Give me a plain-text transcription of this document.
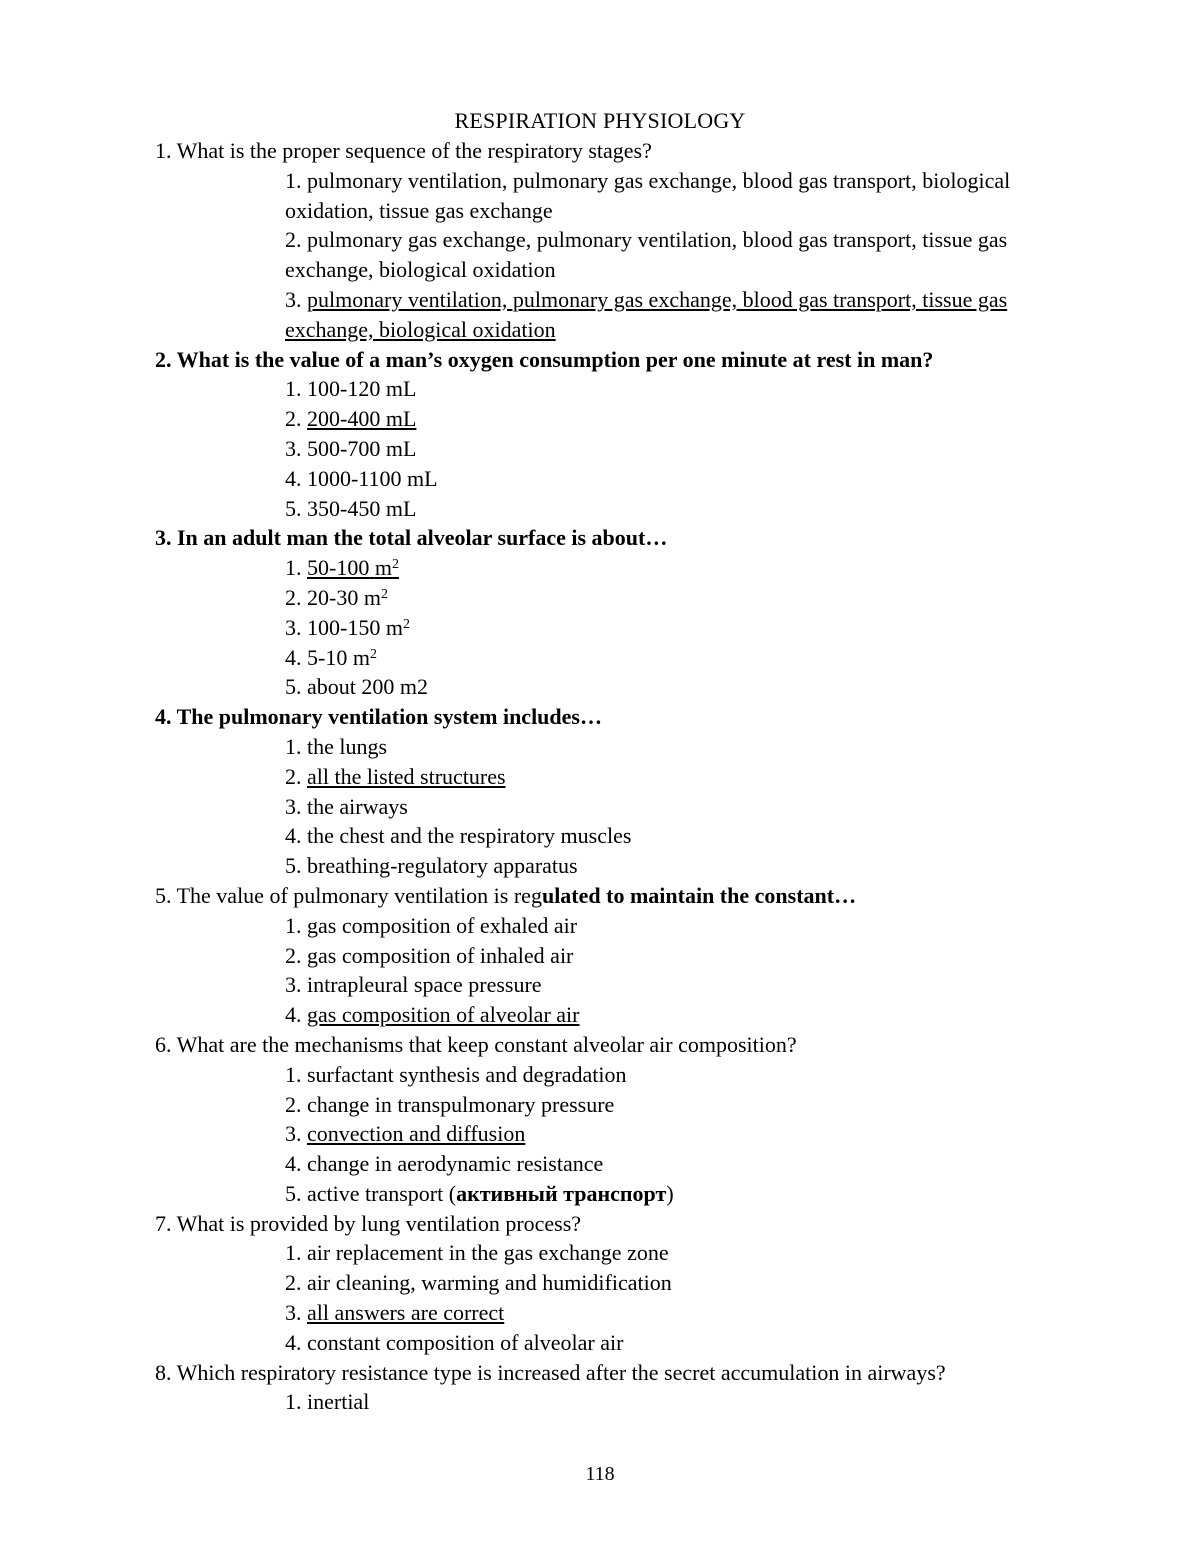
RESPIRATION PHYSIOLOGY

1. What is the proper sequence of the respiratory stages?

1. pulmonary ventilation, pulmonary gas exchange, blood gas transport, biological oxidation, tissue gas exchange

2. pulmonary gas exchange, pulmonary ventilation, blood gas transport, tissue gas exchange, biological oxidation

3. pulmonary ventilation, pulmonary gas exchange, blood gas transport, tissue gas exchange, biological oxidation

2. What is the value of a man’s oxygen consumption per one minute at rest in man?

1. 100-120 mL

2. 200-400 mL

3. 500-700 mL

4. 1000-1100 mL

5. 350-450 mL

3. In an adult man the total alveolar surface is about…

1. 50-100 $m^2$

2. 20-30 $m^2$

3. 100-150 $m^2$

4. 5-10 $m^2$

5. about 200 m2

4. The pulmonary ventilation system includes…

1. the lungs

2. all the listed structures

3. the airways

4. the chest and the respiratory muscles

5. breathing-regulatory apparatus

5. The value of pulmonary ventilation is regulated to maintain the constant…

1. gas composition of exhaled air

2. gas composition of inhaled air

3. intrapleural space pressure

4. gas composition of alveolar air

6. What are the mechanisms that keep constant alveolar air composition?

1. surfactant synthesis and degradation

2. change in transpulmonary pressure

3. convection and diffusion

4. change in aerodynamic resistance

5. active transport (активный транспорт)

7. What is provided by lung ventilation process?

1. air replacement in the gas exchange zone

2. air cleaning, warming and humidification

3. all answers are correct

4. constant composition of alveolar air

8. Which respiratory resistance type is increased after the secret accumulation in airways?

1. inertial

118
